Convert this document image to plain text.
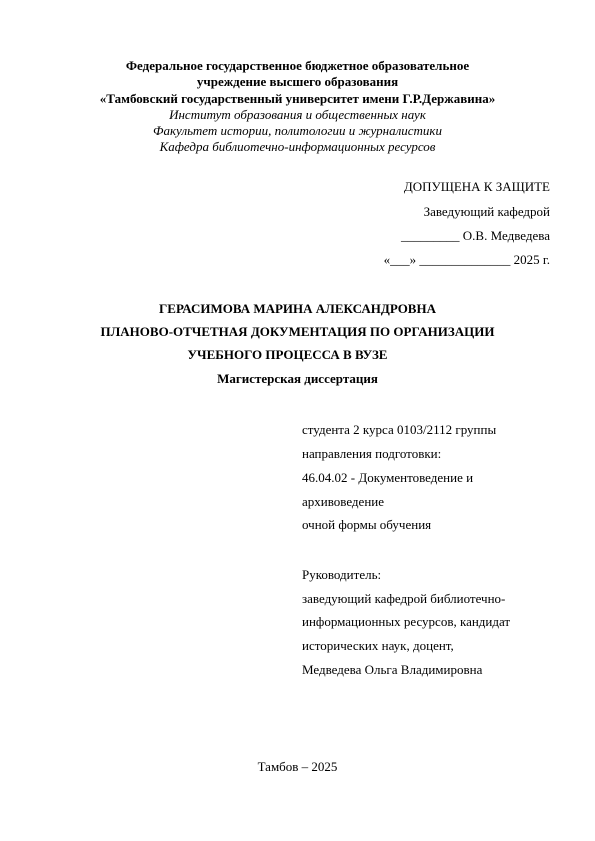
Федеральное государственное бюджетное образовательное
учреждение высшего образования
«Тамбовский государственный университет имени Г.Р.Державина»
Институт образования и общественных наук
Факультет истории, политологии и журналистики
Кафедра библиотечно-информационных ресурсов
ДОПУЩЕНА К ЗАЩИТЕ
Заведующий кафедрой
_________ О.В. Медведева
«___» ______________ 2025 г.
ГЕРАСИМОВА МАРИНА АЛЕКСАНДРОВНА
ПЛАНОВО-ОТЧЕТНАЯ ДОКУМЕНТАЦИЯ ПО ОРГАНИЗАЦИИ
УЧЕБНОГО ПРОЦЕССА В ВУЗЕ
Магистерская диссертация
студента 2 курса 0103/2112 группы
направления подготовки:
46.04.02 - Документоведение и
архивоведение
очной формы обучения
Руководитель:
заведующий кафедрой библиотечно-
информационных ресурсов, кандидат
исторических наук, доцент,
Медведева Ольга Владимировна
Тамбов – 2025
